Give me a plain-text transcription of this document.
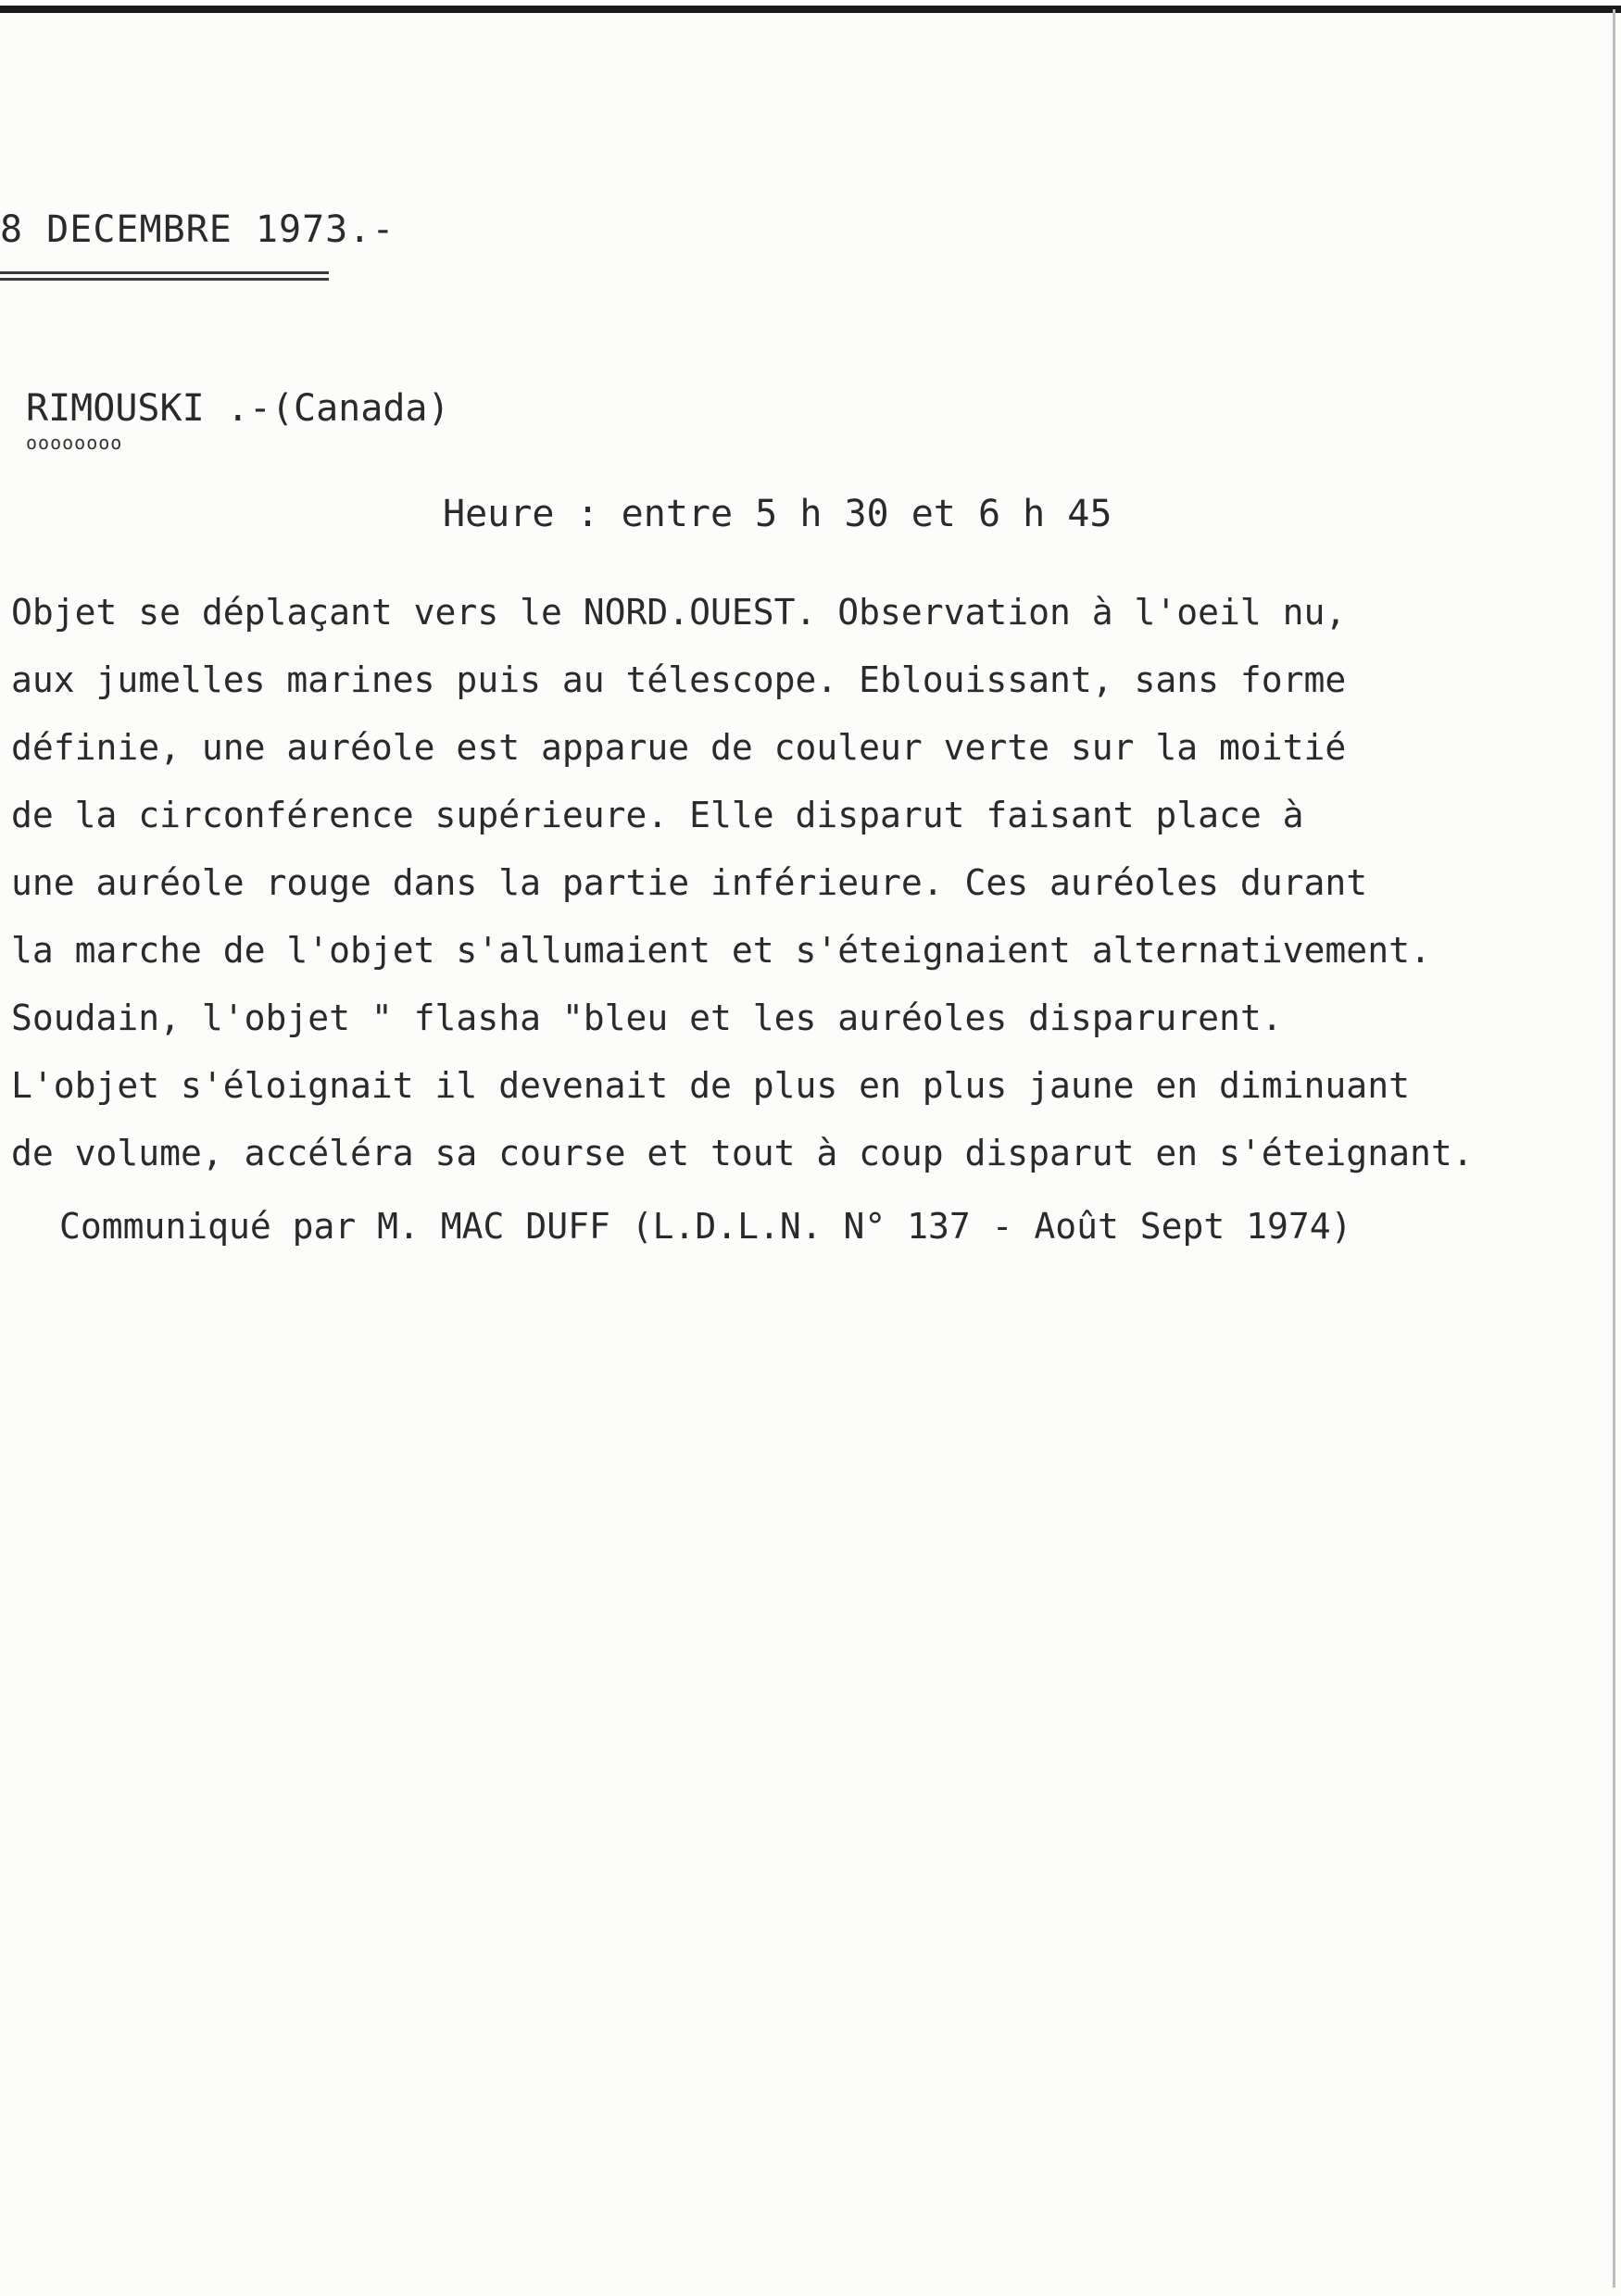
8 DECEMBRE 1973.-
RIMOUSKI .-(Canada)
oooooooo
Heure : entre 5 h 30 et 6 h 45
Objet se déplaçant vers le NORD.OUEST. Observation à l'oeil nu,
aux jumelles marines puis au télescope. Eblouissant, sans forme
définie, une auréole est apparue de couleur verte sur la moitié
de la circonférence supérieure. Elle disparut faisant place à
une auréole rouge dans la partie inférieure. Ces auréoles durant
la marche de l'objet s'allumaient et s'éteignaient alternativement.
Soudain, l'objet " flasha "bleu et les auréoles disparurent.
L'objet s'éloignait il devenait de plus en plus jaune en diminuant
de volume, accéléra sa course et tout à coup disparut en s'éteignant.
Communiqué par M. MAC DUFF (L.D.L.N. N° 137 - Août Sept 1974)
